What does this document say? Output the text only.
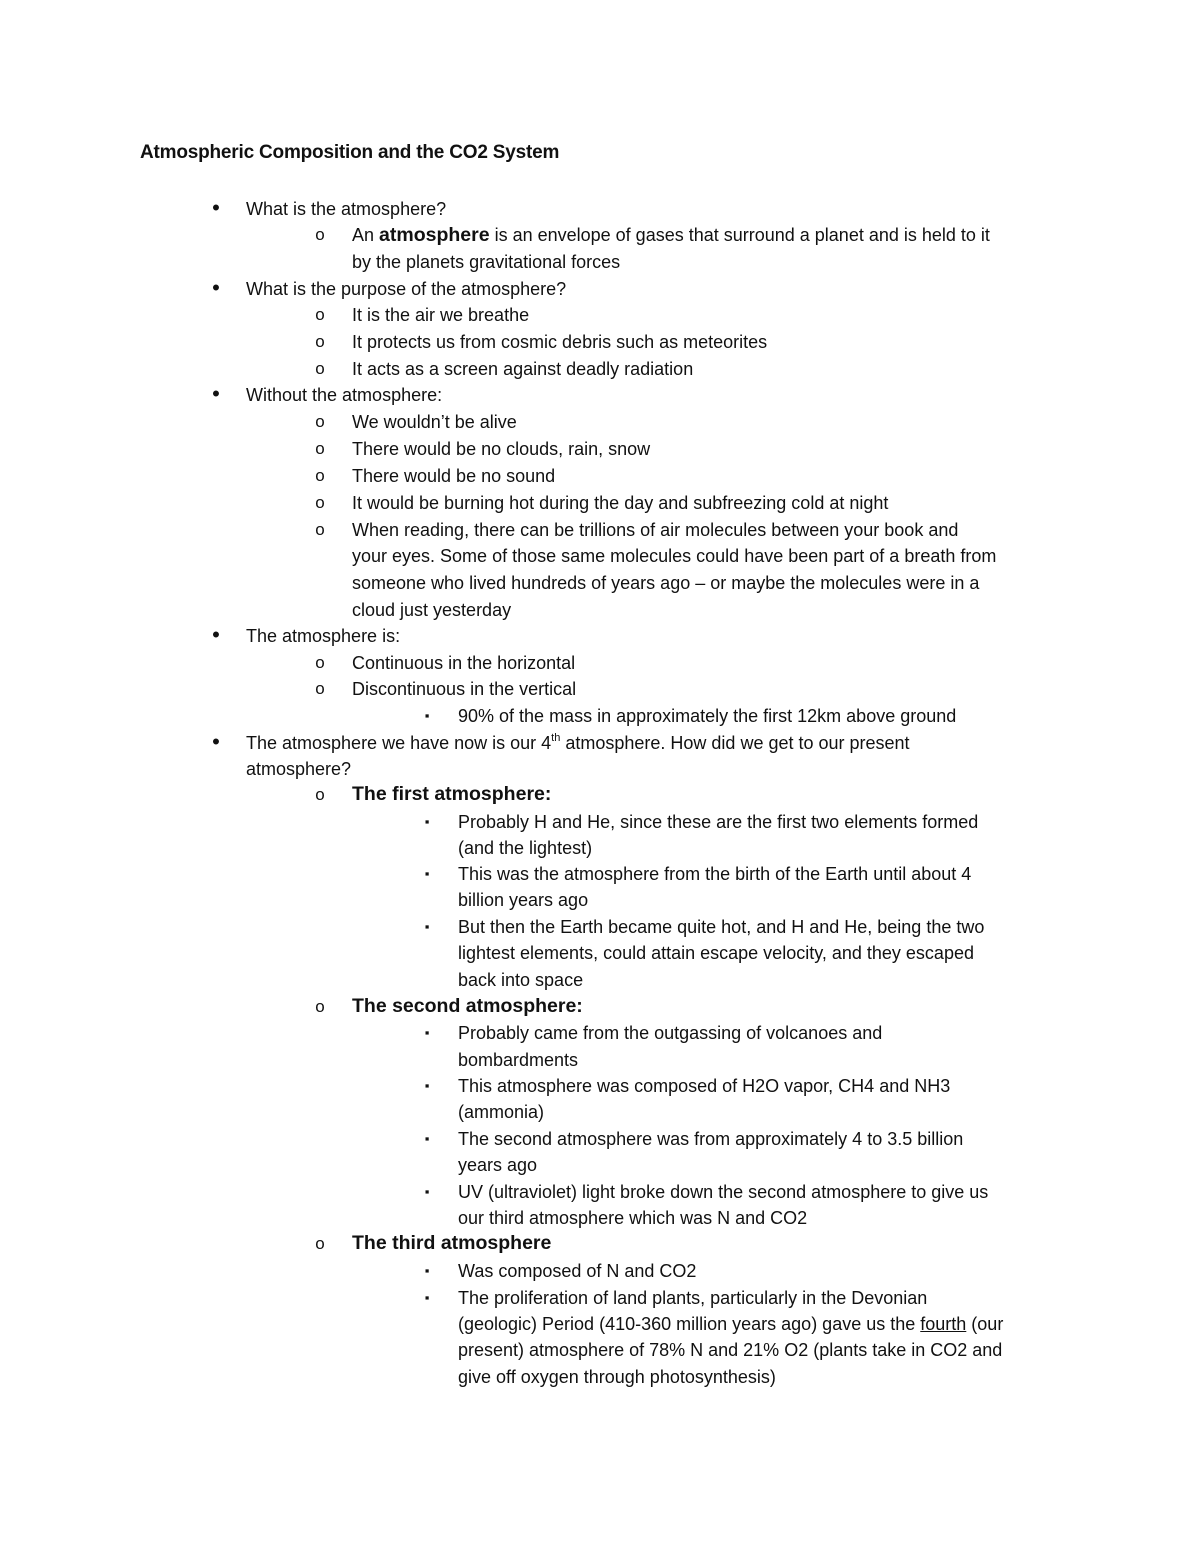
Atmospheric Composition and the CO2 System
•	What is the atmosphere?
o An atmosphere is an envelope of gases that surround a planet and is held to it
by the planets gravitational forces
•	What is the purpose of the atmosphere?
o It is the air we breathe
o It protects us from cosmic debris such as meteorites
o It acts as a screen against deadly radiation
•	Without the atmosphere:
o We wouldn’t be alive
o There would be no clouds, rain, snow
o There would be no sound
o It would be burning hot during the day and subfreezing cold at night
o When reading, there can be trillions of air molecules between your book and
your eyes. Some of those same molecules could have been part of a breath from
someone who lived hundreds of years ago – or maybe the molecules were in a
cloud just yesterday
•	The atmosphere is:
o Continuous in the horizontal
o Discontinuous in the vertical
▪	90% of the mass in approximately the first 12km above ground
•	The atmosphere we have now is our 4th atmosphere. How did we get to our present
atmosphere?
o The first atmosphere:
▪	Probably H and He, since these are the first two elements formed
(and the lightest)
▪	This was the atmosphere from the birth of the Earth until about 4
billion years ago
▪	But then the Earth became quite hot, and H and He, being the two
lightest elements, could attain escape velocity, and they escaped
back into space
o The second atmosphere:
▪	Probably came from the outgassing of volcanoes and
bombardments
▪	This atmosphere was composed of H2O vapor, CH4 and NH3
(ammonia)
▪	The second atmosphere was from approximately 4 to 3.5 billion
years ago
▪	UV (ultraviolet) light broke down the second atmosphere to give us
our third atmosphere which was N and CO2
o The third atmosphere
▪	Was composed of N and CO2
▪	The proliferation of land plants, particularly in the Devonian
(geologic) Period (410-360 million years ago) gave us the fourth (our
present) atmosphere of 78% N and 21% O2 (plants take in CO2 and
give off oxygen through photosynthesis)
